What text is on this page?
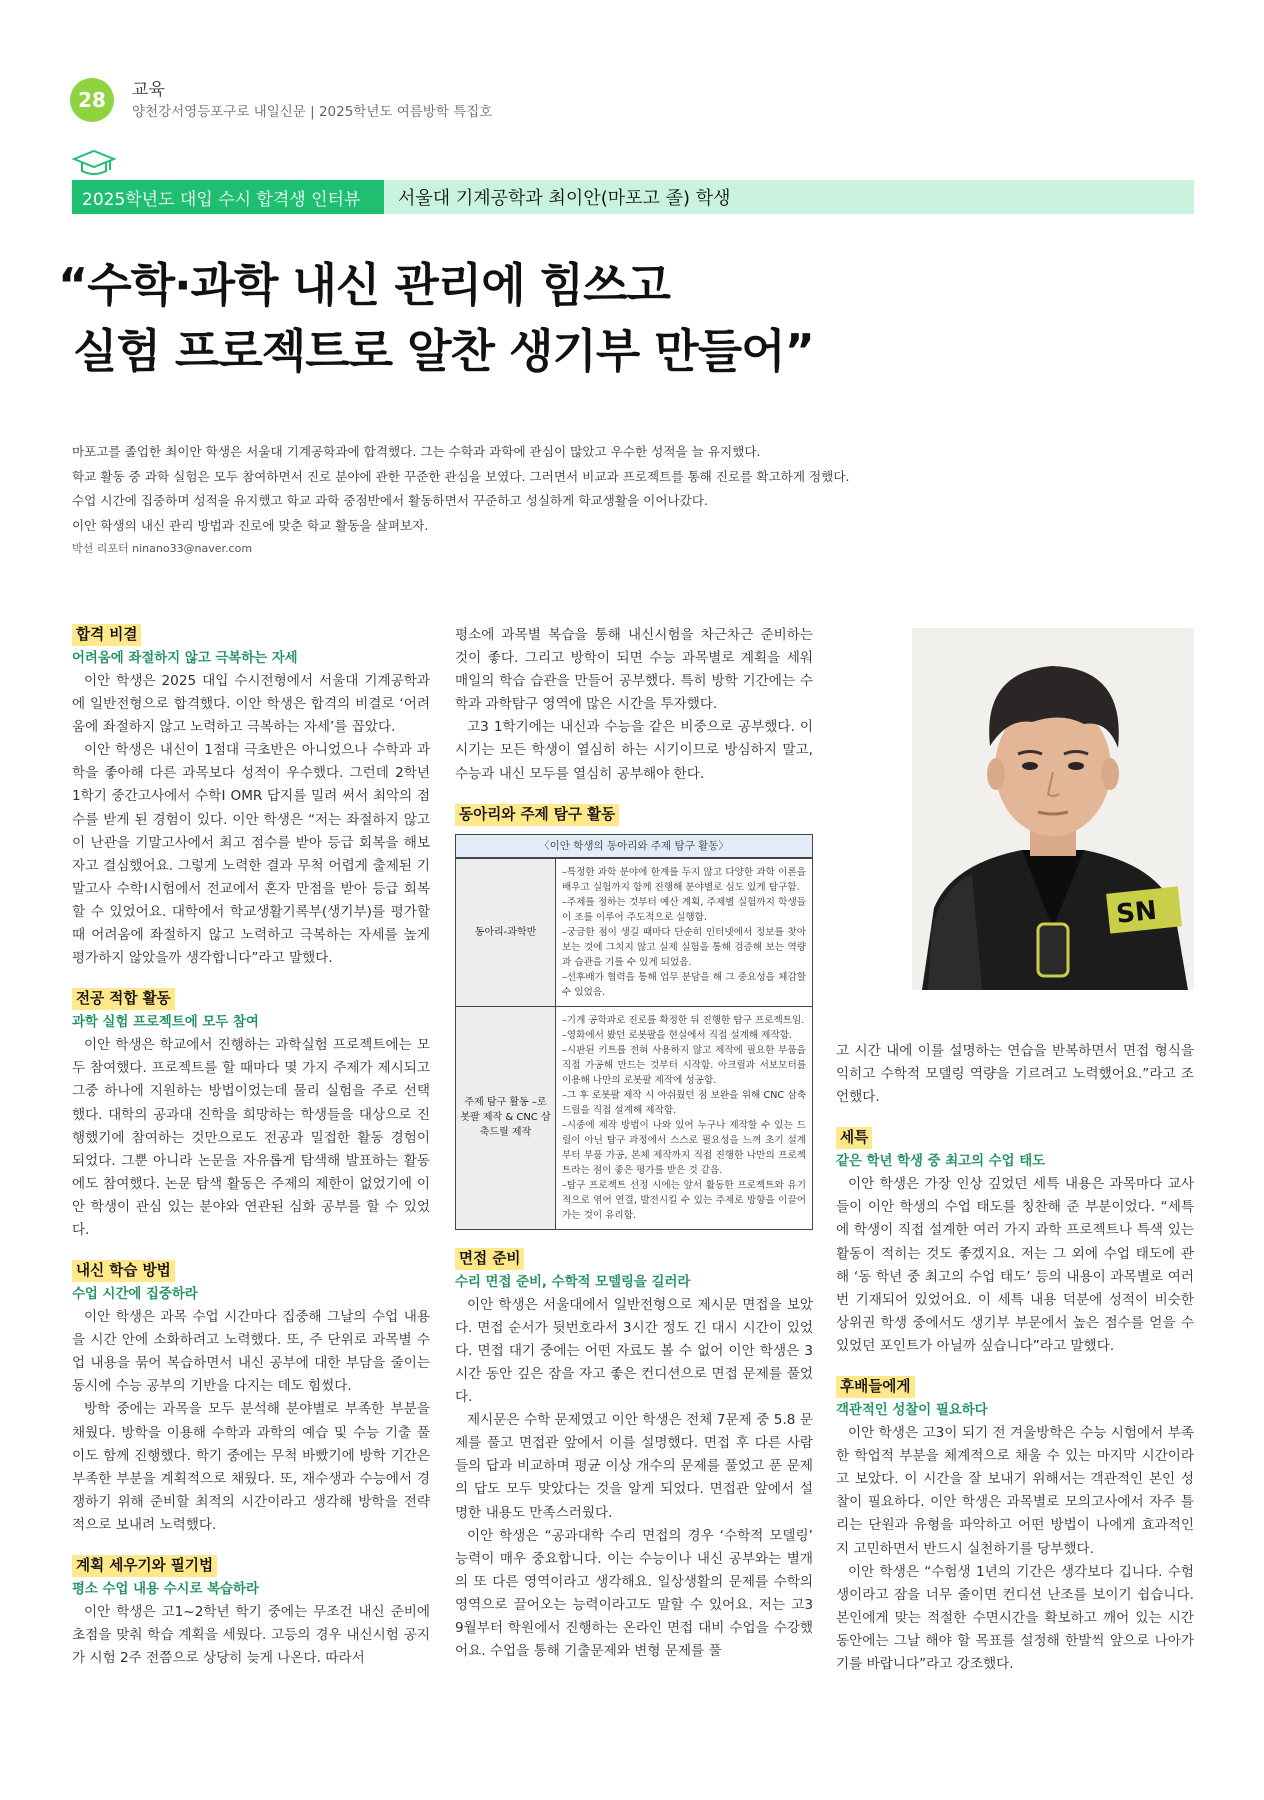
28	교육
양천강서영등포구로 내일신문 | 2025학년도 여름방학 특집호
2025학년도 대입 수시 합격생 인터뷰	서울대 기계공학과 최이안(마포고 졸) 학생
“수학·과학 내신 관리에 힘쓰고
실험 프로젝트로 알찬 생기부 만들어”
마포고를 졸업한 최이안 학생은 서울대 기계공학과에 합격했다. 그는 수학과 과학에 관심이 많았고 우수한 성적을 늘 유지했다.
학교 활동 중 과학 실험은 모두 참여하면서 진로 분야에 관한 꾸준한 관심을 보였다. 그러면서 비교과 프로젝트를 통해 진로를 확고하게 정했다.
수업 시간에 집중하며 성적을 유지했고 학교 과학 중점반에서 활동하면서 꾸준하고 성실하게 학교생활을 이어나갔다.
이안 학생의 내신 관리 방법과 진로에 맞춘 학교 활동을 살펴보자.
박선 리포터 ninano33@naver.com
합격 비결
어려움에 좌절하지 않고 극복하는 자세

이안 학생은 2025 대입 수시전형에서 서울대 기계공학과에 일반전형으로 합격했다. 이안 학생은 합격의 비결로 ‘어려움에 좌절하지 않고 노력하고 극복하는 자세’를 꼽았다.

이안 학생은 내신이 1점대 극초반은 아니었으나 수학과 과학을 좋아해 다른 과목보다 성적이 우수했다. 그런데 2학년 1학기 중간고사에서 수학Ⅰ OMR 답지를 밀려 써서 최악의 점수를 받게 된 경험이 있다. 이안 학생은 “저는 좌절하지 않고 이 난관을 기말고사에서 최고 점수를 받아 등급 회복을 해보자고 결심했어요. 그렇게 노력한 결과 무척 어렵게 출제된 기말고사 수학Ⅰ시험에서 전교에서 혼자 만점을 받아 등급 회복할 수 있었어요. 대학에서 학교생활기록부(생기부)를 평가할 때 어려움에 좌절하지 않고 노력하고 극복하는 자세를 높게 평가하지 않았을까 생각합니다”라고 말했다.

전공 적합 활동
과학 실험 프로젝트에 모두 참여

이안 학생은 학교에서 진행하는 과학실험 프로젝트에는 모두 참여했다. 프로젝트를 할 때마다 몇 가지 주제가 제시되고 그중 하나에 지원하는 방법이었는데 물리 실험을 주로 선택했다. 대학의 공과대 진학을 희망하는 학생들을 대상으로 진행했기에 참여하는 것만으로도 전공과 밀접한 활동 경험이 되었다. 그뿐 아니라 논문을 자유롭게 탐색해 발표하는 활동에도 참여했다. 논문 탐색 활동은 주제의 제한이 없었기에 이안 학생이 관심 있는 분야와 연관된 심화 공부를 할 수 있었다.

내신 학습 방법
수업 시간에 집중하라

이안 학생은 과목 수업 시간마다 집중해 그날의 수업 내용을 시간 안에 소화하려고 노력했다. 또, 주 단위로 과목별 수업 내용을 묶어 복습하면서 내신 공부에 대한 부담을 줄이는 동시에 수능 공부의 기반을 다지는 데도 힘썼다.

방학 중에는 과목을 모두 분석해 분야별로 부족한 부분을 채웠다. 방학을 이용해 수학과 과학의 예습 및 수능 기출 풀이도 함께 진행했다. 학기 중에는 무척 바빴기에 방학 기간은 부족한 부분을 계획적으로 채웠다. 또, 재수생과 수능에서 경쟁하기 위해 준비할 최적의 시간이라고 생각해 방학을 전략적으로 보내려 노력했다.

계획 세우기와 필기법
평소 수업 내용 수시로 복습하라

이안 학생은 고1~2학년 학기 중에는 무조건 내신 준비에 초점을 맞춰 학습 계획을 세웠다. 고등의 경우 내신시험 공지가 시험 2주 전쯤으로 상당히 늦게 나온다. 따라서

평소에 과목별 복습을 통해 내신시험을 차근차근 준비하는 것이 좋다. 그리고 방학이 되면 수능 과목별로 계획을 세워 매일의 학습 습관을 만들어 공부했다. 특히 방학 기간에는 수학과 과학탐구 영역에 많은 시간을 투자했다.

고3 1학기에는 내신과 수능을 같은 비중으로 공부했다. 이 시기는 모든 학생이 열심히 하는 시기이므로 방심하지 말고, 수능과 내신 모두를 열심히 공부해야 한다.

동아리와 주제 탐구 활동
〈이안 학생의 동아리와 주제 탐구 활동〉
동아리-과학반
–특정한 과학 분야에 한계를 두지 않고 다양한 과학 이론을 배우고 실험까지 함께 진행해 분야별로 심도 있게 탐구함.
–주제를 정하는 것부터 예산 계획, 주제별 실험까지 학생들이 조를 이루어 주도적으로 실행함.
–궁금한 점이 생길 때마다 단순히 인터넷에서 정보를 찾아보는 것에 그치지 않고 실제 실험을 통해 검증해 보는 역량과 습관을 기를 수 있게 되었음.
–선후배가 협력을 통해 업무 분담을 해 그 중요성을 체감할 수 있었음.
주제 탐구 활동 –로봇팔 제작 & CNC 삼축드릴 제작
–기계 공학과로 진로를 확정한 뒤 진행한 탐구 프로젝트임.
–영화에서 봤던 로봇팔을 현실에서 직접 설계해 제작함.
–시판된 키트를 전혀 사용하지 않고 제작에 필요한 부품을 직접 가공해 만드는 것부터 시작함. 아크릴과 서보모터를 이용해 나만의 로봇팔 제작에 성공함.
–그 후 로봇팔 제작 시 아쉬웠던 점 보완을 위해 CNC 삼축드릴을 직접 설계해 제작함.
–시중에 제작 방법이 나와 있어 누구나 제작할 수 있는 드릴이 아닌 탐구 과정에서 스스로 필요성을 느껴 초기 설계부터 부품 가공, 본체 제작까지 직접 진행한 나만의 프로젝트라는 점이 좋은 평가를 받은 것 같음.
–탐구 프로젝트 선정 시에는 앞서 활동한 프로젝트와 유기적으로 엮어 연결, 발전시킬 수 있는 주제로 방향을 이끌어 가는 것이 유리함.
면접 준비
수리 면접 준비, 수학적 모델링을 길러라

이안 학생은 서울대에서 일반전형으로 제시문 면접을 보았다. 면접 순서가 뒷번호라서 3시간 정도 긴 대시 시간이 있었다. 면접 대기 중에는 어떤 자료도 볼 수 없어 이안 학생은 3시간 동안 깊은 잠을 자고 좋은 컨디션으로 면접 문제를 풀었다.

제시문은 수학 문제였고 이안 학생은 전체 7문제 중 5.8 문제를 풀고 면접관 앞에서 이를 설명했다. 면접 후 다른 사람들의 답과 비교하며 평균 이상 개수의 문제를 풀었고 푼 문제의 답도 모두 맞았다는 것을 알게 되었다. 면접관 앞에서 설명한 내용도 만족스러웠다.

이안 학생은 “공과대학 수리 면접의 경우 ‘수학적 모델링’ 능력이 매우 중요합니다. 이는 수능이나 내신 공부와는 별개의 또 다른 영역이라고 생각해요. 일상생활의 문제를 수학의 영역으로 끌어오는 능력이라고도 말할 수 있어요. 저는 고3 9월부터 학원에서 진행하는 온라인 면접 대비 수업을 수강했어요. 수업을 통해 기출문제와 변형 문제를 풀

SN

고 시간 내에 이를 설명하는 연습을 반복하면서 면접 형식을 익히고 수학적 모델링 역량을 기르려고 노력했어요.”라고 조언했다.

세특
같은 학년 학생 중 최고의 수업 태도

이안 학생은 가장 인상 깊었던 세특 내용은 과목마다 교사들이 이안 학생의 수업 태도를 칭찬해 준 부분이었다. “세특에 학생이 직접 설계한 여러 가지 과학 프로젝트나 특색 있는 활동이 적히는 것도 좋겠지요. 저는 그 외에 수업 태도에 관해 ‘동 학년 중 최고의 수업 태도’ 등의 내용이 과목별로 여러 번 기재되어 있었어요. 이 세특 내용 덕분에 성적이 비슷한 상위권 학생 중에서도 생기부 부문에서 높은 점수를 얻을 수 있었던 포인트가 아닐까 싶습니다”라고 말했다.

후배들에게
객관적인 성찰이 필요하다

이안 학생은 고3이 되기 전 겨울방학은 수능 시험에서 부족한 학업적 부분을 체계적으로 채울 수 있는 마지막 시간이라고 보았다. 이 시간을 잘 보내기 위해서는 객관적인 본인 성찰이 필요하다. 이안 학생은 과목별로 모의고사에서 자주 틀리는 단원과 유형을 파악하고 어떤 방법이 나에게 효과적인지 고민하면서 반드시 실천하기를 당부했다.

이안 학생은 “수험생 1년의 기간은 생각보다 깁니다. 수험생이라고 잠을 너무 줄이면 컨디션 난조를 보이기 쉽습니다. 본인에게 맞는 적절한 수면시간을 확보하고 깨어 있는 시간 동안에는 그날 해야 할 목표를 설정해 한발씩 앞으로 나아가기를 바랍니다”라고 강조했다.
